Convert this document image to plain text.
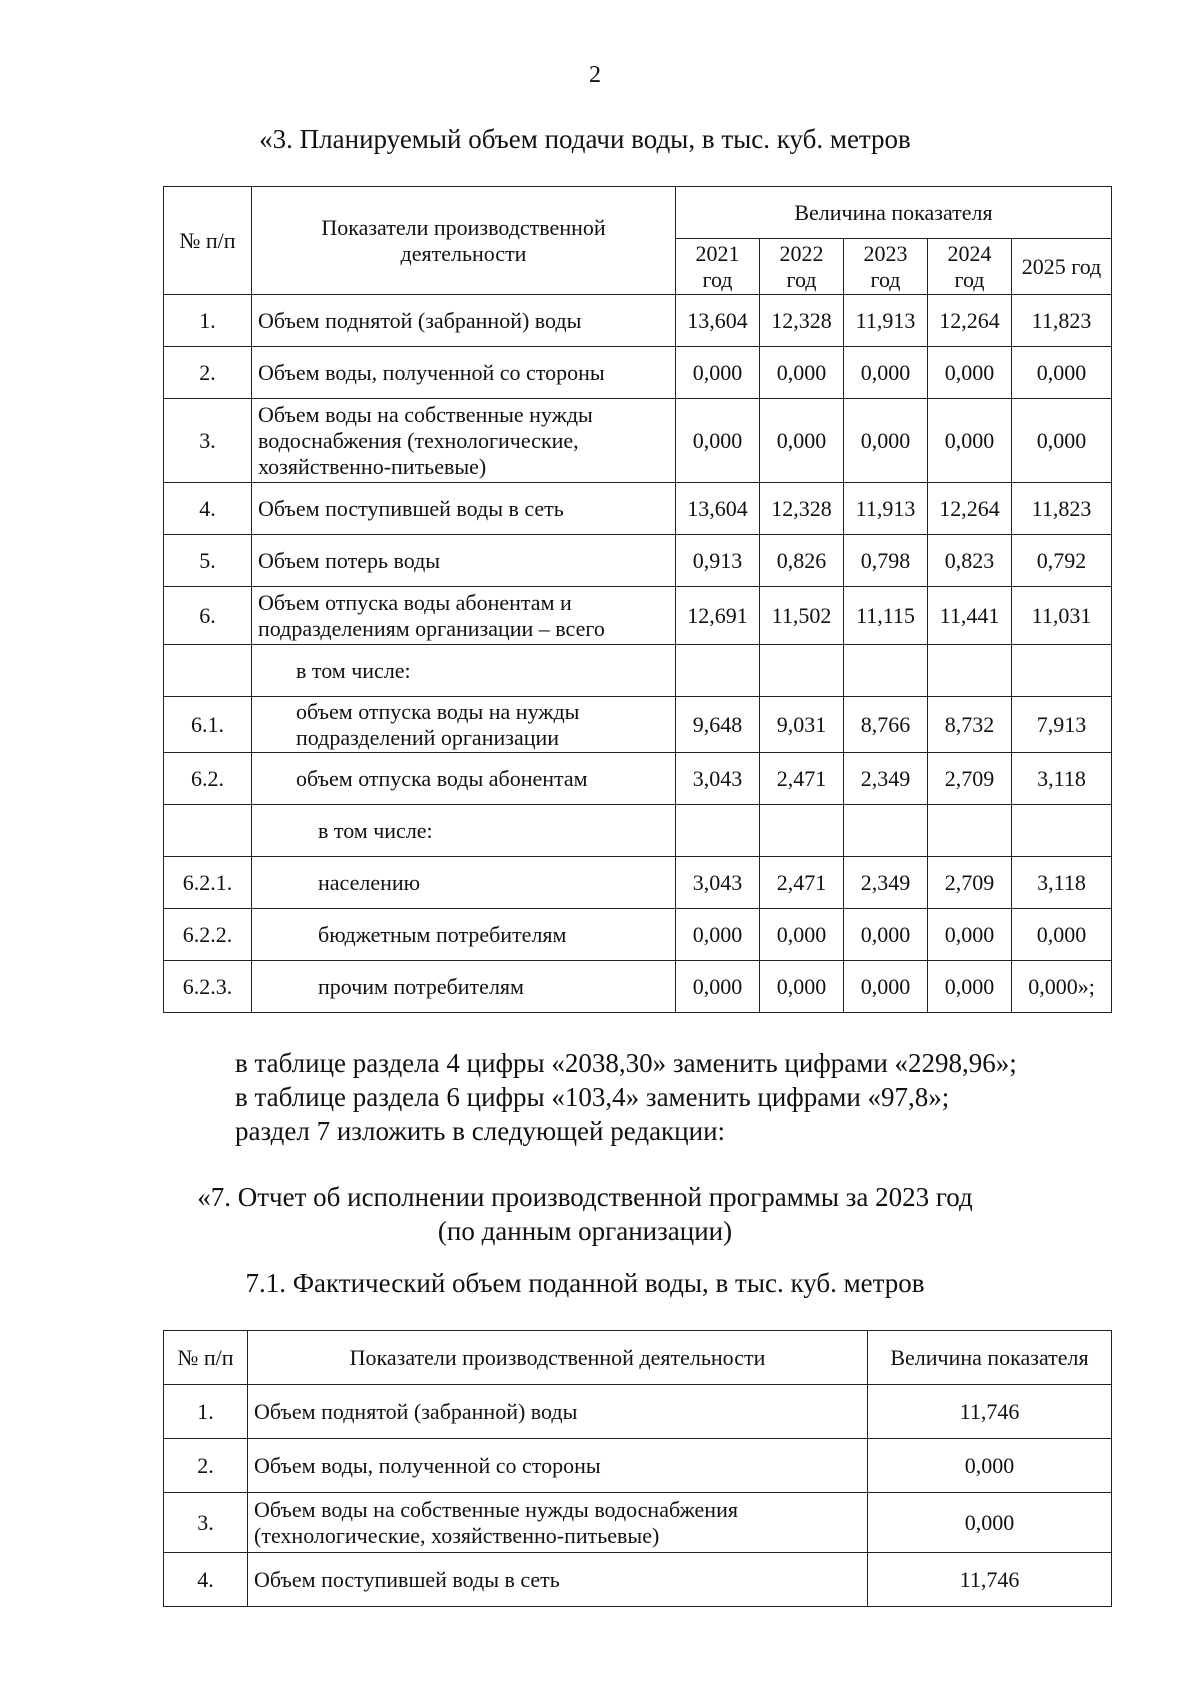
2
«3. Планируемый объем подачи воды, в тыс. куб. метров
№ п/п	Показатели производственной деятельности	Величина показателя				
		2021 год	2022 год	2023 год	2024 год	2025 год
1.	Объем поднятой (забранной) воды	13,604	12,328	11,913	12,264	11,823
2.	Объем воды, полученной со стороны	0,000	0,000	0,000	0,000	0,000
3.	Объем воды на собственные нужды водоснабжения (технологические, хозяйственно-питьевые)	0,000	0,000	0,000	0,000	0,000
4.	Объем поступившей воды в сеть	13,604	12,328	11,913	12,264	11,823
5.	Объем потерь воды	0,913	0,826	0,798	0,823	0,792
6.	Объем отпуска воды абонентам и подразделениям организации – всего	12,691	11,502	11,115	11,441	11,031
	в том числе:					
6.1.	объем отпуска воды на нужды подразделений организации	9,648	9,031	8,766	8,732	7,913
6.2.	объем отпуска воды абонентам	3,043	2,471	2,349	2,709	3,118
	в том числе:					
6.2.1.	населению	3,043	2,471	2,349	2,709	3,118
6.2.2.	бюджетным потребителям	0,000	0,000	0,000	0,000	0,000
6.2.3.	прочим потребителям	0,000	0,000	0,000	0,000	0,000»;
в таблице раздела 4 цифры «2038,30» заменить цифрами «2298,96»;
в таблице раздела 6 цифры «103,4» заменить цифрами «97,8»;
раздел 7 изложить в следующей редакции:
«7. Отчет об исполнении производственной программы за 2023 год
(по данным организации)
7.1. Фактический объем поданной воды, в тыс. куб. метров
№ п/п	Показатели производственной деятельности	Величина показателя
1.	Объем поднятой (забранной) воды	11,746
2.	Объем воды, полученной со стороны	0,000
3.	Объем воды на собственные нужды водоснабжения (технологические, хозяйственно-питьевые)	0,000
4.	Объем поступившей воды в сеть	11,746
